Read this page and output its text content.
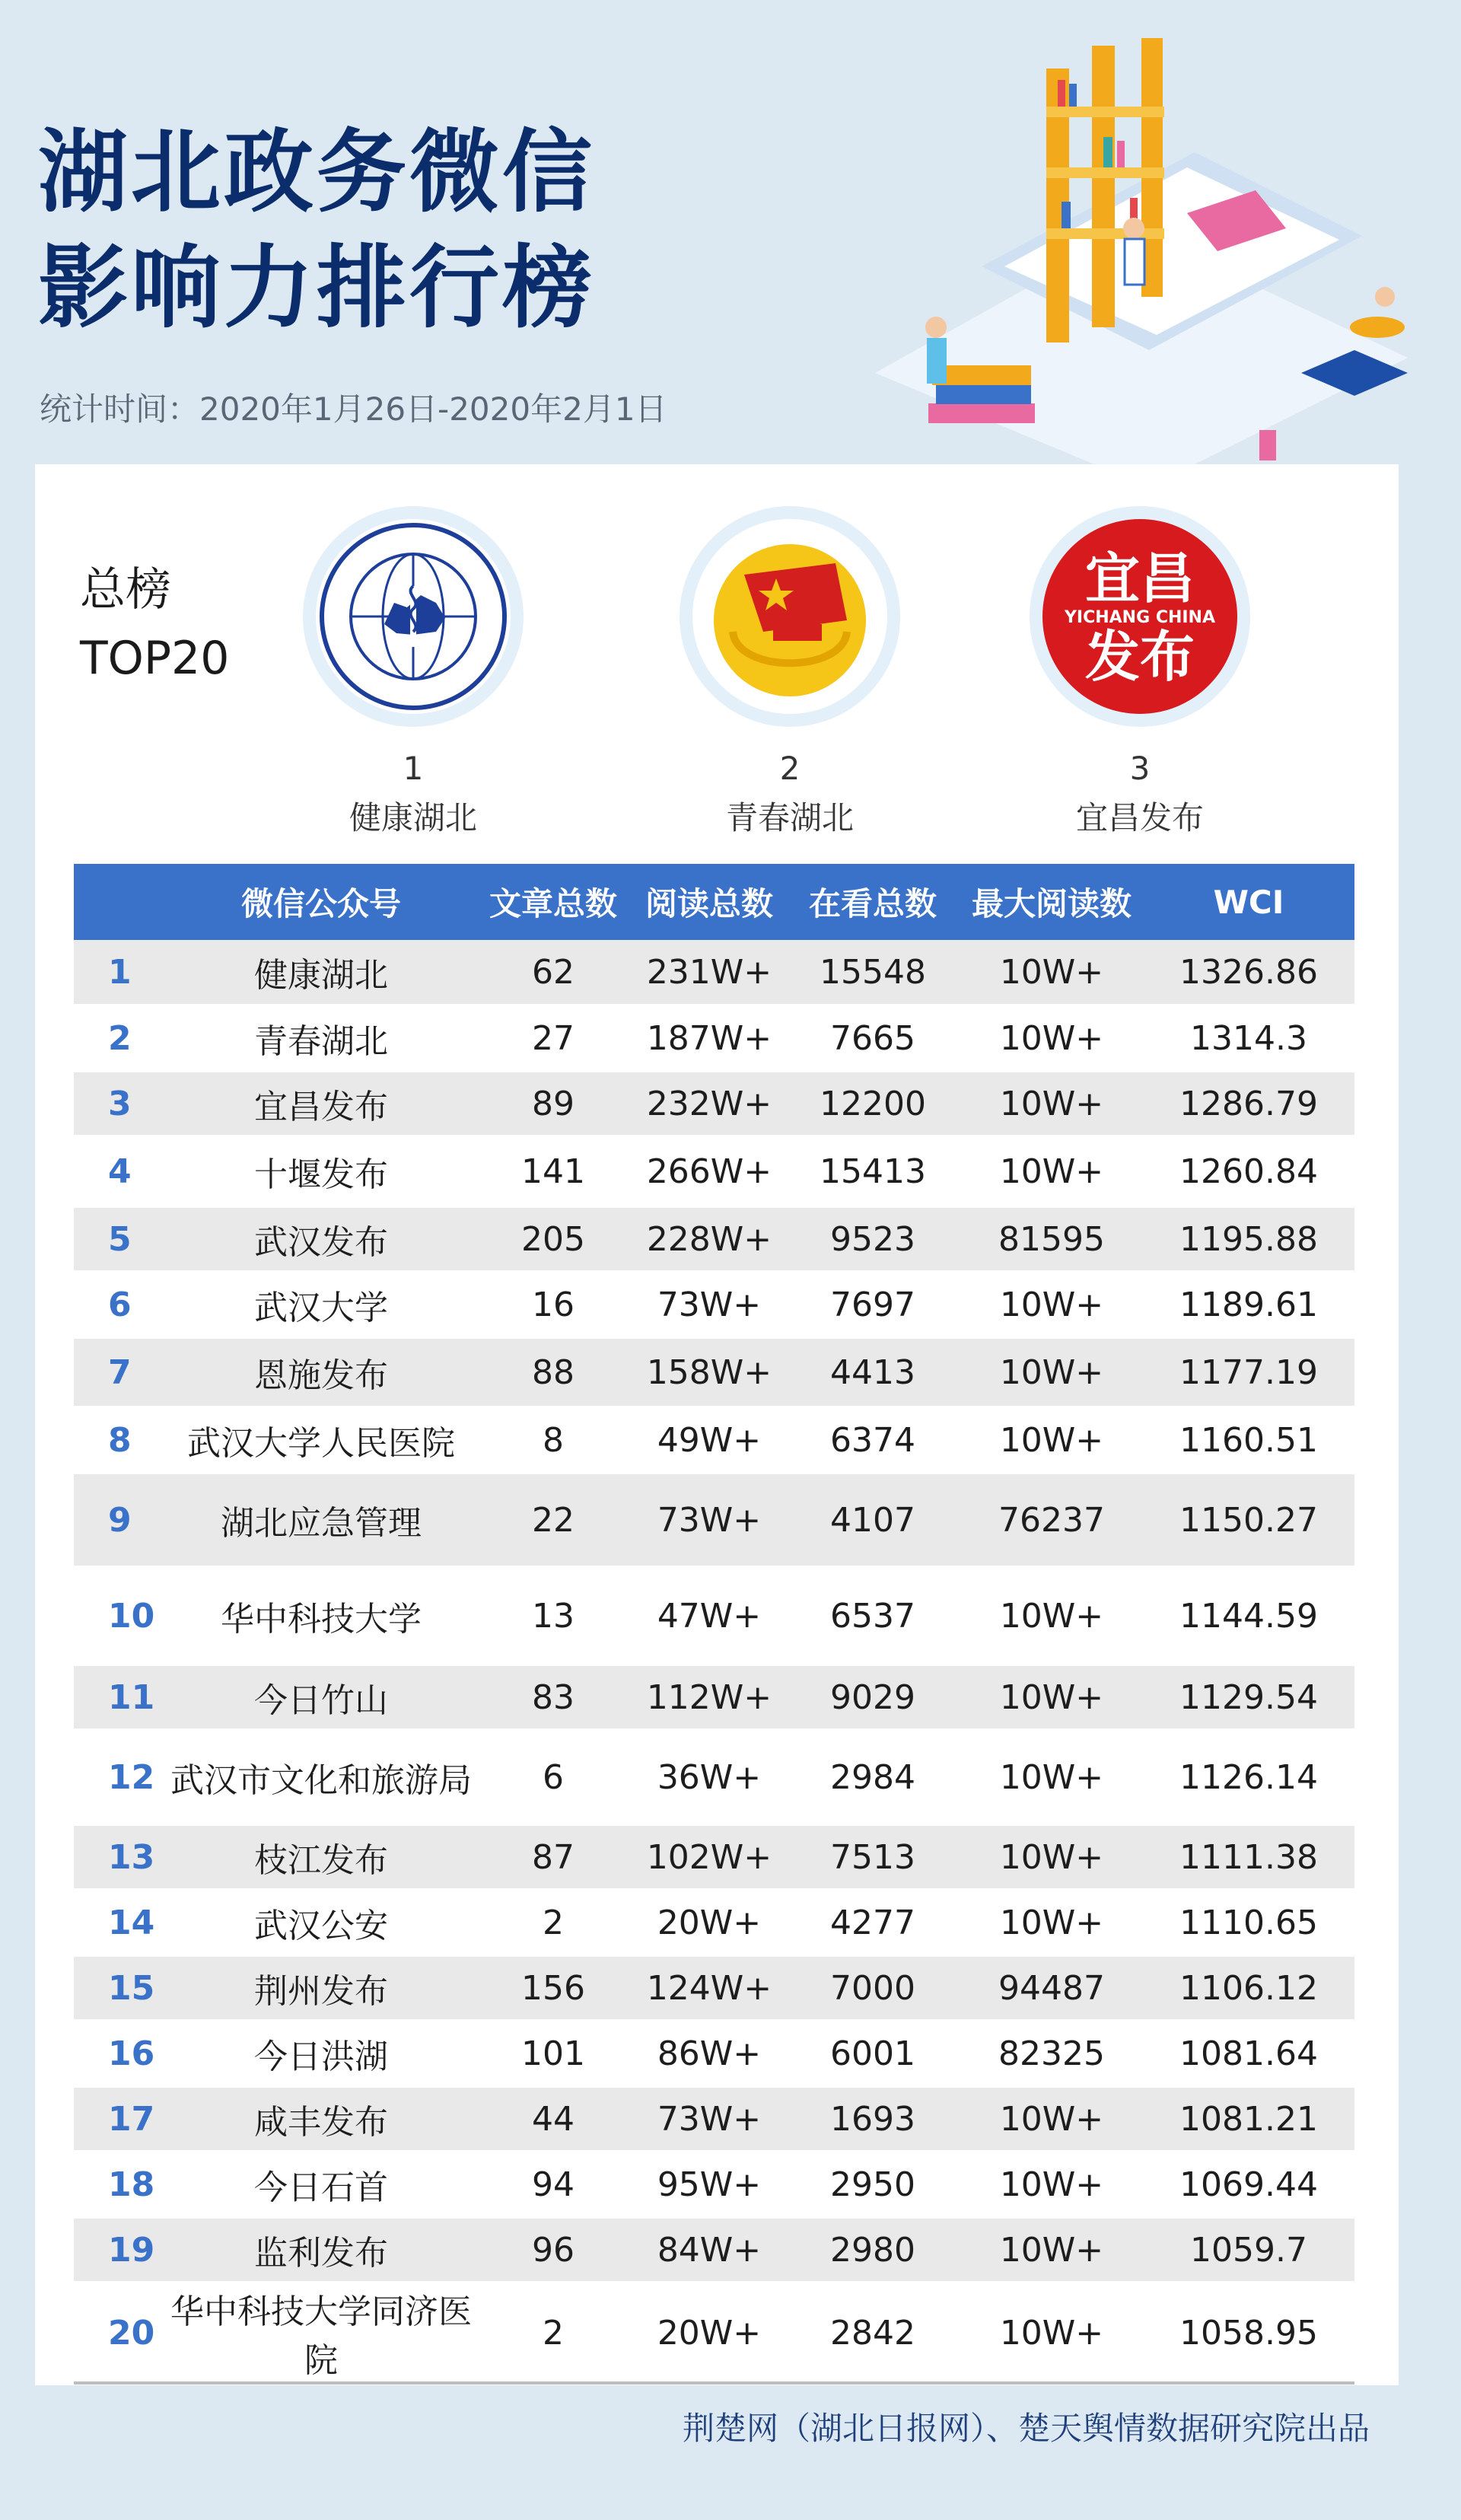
湖北政务微信
影响力排行榜
统计时间：2020年1月26日-2020年2月1日
总榜
TOP20
1
健康湖北
2
青春湖北
宜昌
YICHANG CHINA
发布
3
宜昌发布
	微信公众号	文章总数	阅读总数	在看总数	最大阅读数	WCI
1	健康湖北	62	231W+	15548	10W+	1326.86
2	青春湖北	27	187W+	7665	10W+	1314.3
3	宜昌发布	89	232W+	12200	10W+	1286.79
4	十堰发布	141	266W+	15413	10W+	1260.84
5	武汉发布	205	228W+	9523	81595	1195.88
6	武汉大学	16	73W+	7697	10W+	1189.61
7	恩施发布	88	158W+	4413	10W+	1177.19
8	武汉大学人民医院	8	49W+	6374	10W+	1160.51
9	湖北应急管理	22	73W+	4107	76237	1150.27
10	华中科技大学	13	47W+	6537	10W+	1144.59
11	今日竹山	83	112W+	9029	10W+	1129.54
12	武汉市文化和旅游局	6	36W+	2984	10W+	1126.14
13	枝江发布	87	102W+	7513	10W+	1111.38
14	武汉公安	2	20W+	4277	10W+	1110.65
15	荆州发布	156	124W+	7000	94487	1106.12
16	今日洪湖	101	86W+	6001	82325	1081.64
17	咸丰发布	44	73W+	1693	10W+	1081.21
18	今日石首	94	95W+	2950	10W+	1069.44
19	监利发布	96	84W+	2980	10W+	1059.7
20	华中科技大学同济医院	2	20W+	2842	10W+	1058.95
荆楚网（湖北日报网）、楚天舆情数据研究院出品
